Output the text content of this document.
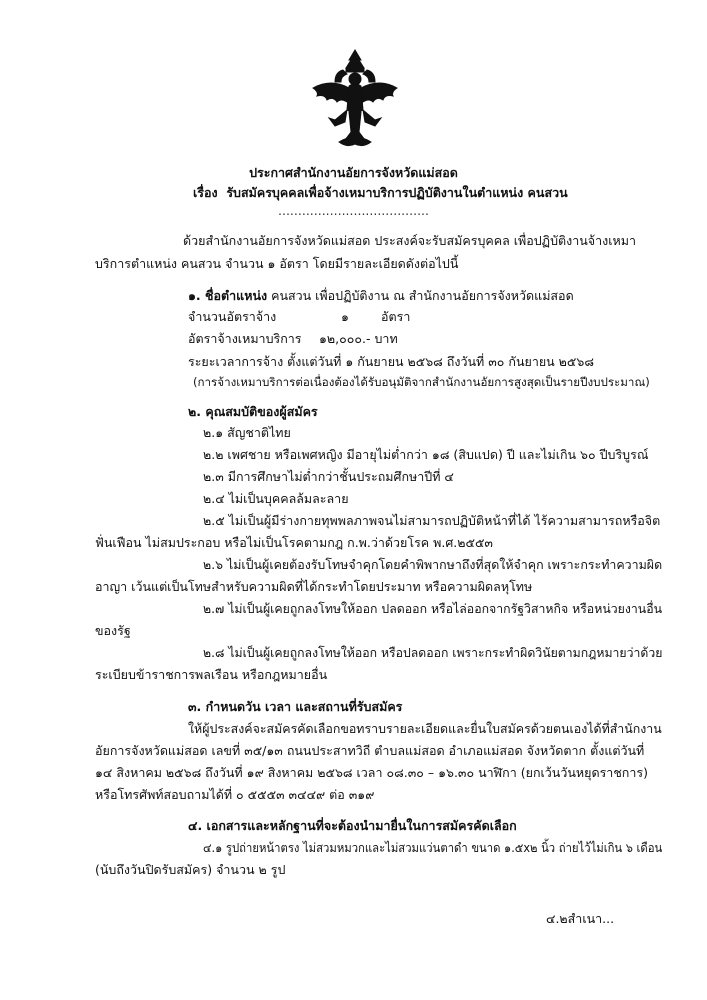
ประกาศสำนักงานอัยการจังหวัดแม่สอด
เรื่อง รับสมัครบุคคลเพื่อจ้างเหมาบริการปฏิบัติงานในตำแหน่ง คนสวน
......................................
ด้วยสำนักงานอัยการจังหวัดแม่สอด ประสงค์จะรับสมัครบุคคล เพื่อปฏิบัติงานจ้างเหมา
บริการตำแหน่ง คนสวน จำนวน ๑ อัตรา โดยมีรายละเอียดดังต่อไปนี้
๑. ชื่อตำแหน่ง คนสวน เพื่อปฏิบัติงาน ณ สำนักงานอัยการจังหวัดแม่สอด
จำนวนอัตราจ้าง	๑	อัตรา
อัตราจ้างเหมาบริการ ๑๒,๐๐๐.- บาท
ระยะเวลาการจ้าง ตั้งแต่วันที่ ๑ กันยายน ๒๕๖๘ ถึงวันที่ ๓๐ กันยายน ๒๕๖๘
(การจ้างเหมาบริการต่อเนื่องต้องได้รับอนุมัติจากสำนักงานอัยการสูงสุดเป็นรายปีงบประมาณ)
๒. คุณสมบัติของผู้สมัคร
๒.๑ สัญชาติไทย
๒.๒ เพศชาย หรือเพศหญิง มีอายุไม่ต่ำกว่า ๑๘ (สิบแปด) ปี และไม่เกิน ๖๐ ปีบริบูรณ์
๒.๓ มีการศึกษาไม่ต่ำกว่าชั้นประถมศึกษาปีที่ ๔
๒.๔ ไม่เป็นบุคคลล้มละลาย
๒.๕ ไม่เป็นผู้มีร่างกายทุพพลภาพจนไม่สามารถปฏิบัติหน้าที่ได้ ไร้ความสามารถหรือจิต
ฟั่นเฟือน ไม่สมประกอบ หรือไม่เป็นโรคตามกฎ ก.พ.ว่าด้วยโรค พ.ศ.๒๕๕๓
๒.๖ ไม่เป็นผู้เคยต้องรับโทษจำคุกโดยคำพิพากษาถึงที่สุดให้จำคุก เพราะกระทำความผิด
อาญา เว้นแต่เป็นโทษสำหรับความผิดที่ได้กระทำโดยประมาท หรือความผิดลหุโทษ
๒.๗ ไม่เป็นผู้เคยถูกลงโทษให้ออก ปลดออก หรือไล่ออกจากรัฐวิสาหกิจ หรือหน่วยงานอื่น
ของรัฐ
๒.๘ ไม่เป็นผู้เคยถูกลงโทษให้ออก หรือปลดออก เพราะกระทำผิดวินัยตามกฎหมายว่าด้วย
ระเบียบข้าราชการพลเรือน หรือกฎหมายอื่น
๓. กำหนดวัน เวลา และสถานที่รับสมัคร
ให้ผู้ประสงค์จะสมัครคัดเลือกขอทราบรายละเอียดและยื่นใบสมัครด้วยตนเองได้ที่สำนักงาน
อัยการจังหวัดแม่สอด เลขที่ ๓๕/๑๓ ถนนประสาทวิถี ตำบลแม่สอด อำเภอแม่สอด จังหวัดตาก ตั้งแต่วันที่
๑๔ สิงหาคม ๒๕๖๘ ถึงวันที่ ๑๙ สิงหาคม ๒๕๖๘ เวลา ๐๘.๓๐ – ๑๖.๓๐ นาฬิกา (ยกเว้นวันหยุดราชการ)
หรือโทรศัพท์สอบถามได้ที่ ๐ ๕๕๕๓ ๓๔๔๙ ต่อ ๓๑๙
๔. เอกสารและหลักฐานที่จะต้องนำมายื่นในการสมัครคัดเลือก
๔.๑ รูปถ่ายหน้าตรง ไม่สวมหมวกและไม่สวมแว่นตาดำ ขนาด ๑.๕x๒ นิ้ว ถ่ายไว้ไม่เกิน ๖ เดือน
(นับถึงวันปิดรับสมัคร) จำนวน ๒ รูป
๔.๒สำเนา...
